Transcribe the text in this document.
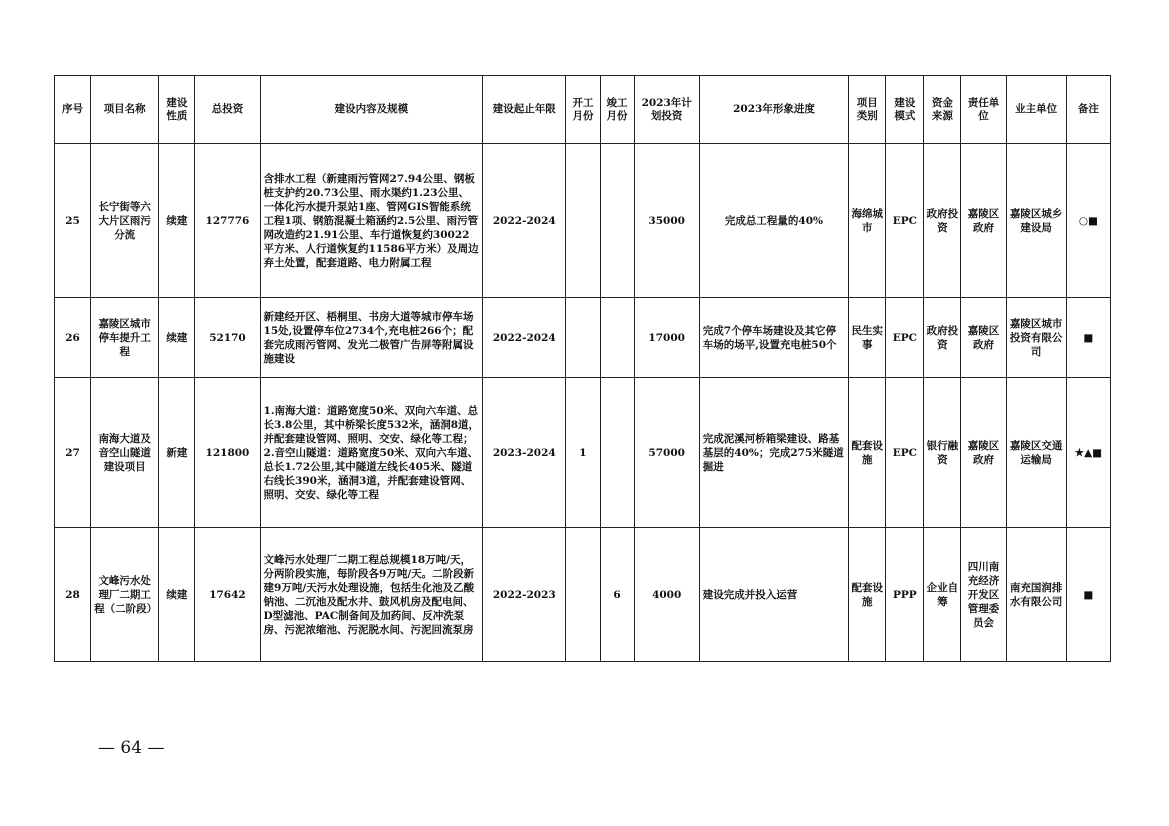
序号	项目名称	建设性质	总投资	建设内容及规模	建设起止年限	开工月份	竣工月份	2023年计划投资	2023年形象进度	项目类别	建设模式	资金来源	责任单位	业主单位	备注
25	长宁街等六大片区雨污分流	续建	127776	含排水工程（新建雨污管网27.94公里、钢板桩支护约20.73公里、雨水渠约1.23公里、一体化污水提升泵站1座、管网GIS智能系统工程1项、钢筋混凝土箱涵约2.5公里、雨污管网改造约21.91公里、车行道恢复约30022平方米、人行道恢复约11586平方米）及周边弃土处置，配套道路、电力附属工程	2022-2024			35000	完成总工程量的40%	海绵城市	EPC	政府投资	嘉陵区政府	嘉陵区城乡建设局	○■
26	嘉陵区城市停车提升工程	续建	52170	新建经开区、梧桐里、书房大道等城市停车场15处,设置停车位2734个,充电桩266个；配套完成雨污管网、发光二极管广告屏等附属设施建设	2022-2024			17000	完成7个停车场建设及其它停车场的场平,设置充电桩50个	民生实事	EPC	政府投资	嘉陵区政府	嘉陵区城市投资有限公司	■
27	南海大道及音空山隧道建设项目	新建	121800	1.南海大道：道路宽度50米、双向六车道、总长3.8公里，其中桥梁长度532米，涵洞8道，并配套建设管网、照明、交安、绿化等工程；2.音空山隧道：道路宽度50米、双向六车道、总长1.72公里,其中隧道左线长405米、隧道右线长390米，涵洞3道，并配套建设管网、照明、交安、绿化等工程	2023-2024	1		57000	完成泥溪河桥箱梁建设、路基基层的40%；完成275米隧道掘进	配套设施	EPC	银行融资	嘉陵区政府	嘉陵区交通运输局	★▲■
28	文峰污水处理厂二期工程（二阶段）	续建	17642	文峰污水处理厂二期工程总规模18万吨/天，分两阶段实施，每阶段各9万吨/天。二阶段新建9万吨/天污水处理设施，包括生化池及乙酸钠池、二沉池及配水井、鼓风机房及配电间、D型滤池、PAC制备间及加药间、反冲洗泵房、污泥浓缩池、污泥脱水间、污泥回流泵房	2022-2023		6	4000	建设完成并投入运营	配套设施	PPP	企业自筹	四川南充经济开发区管理委员会	南充国润排水有限公司	■
— 64 —
